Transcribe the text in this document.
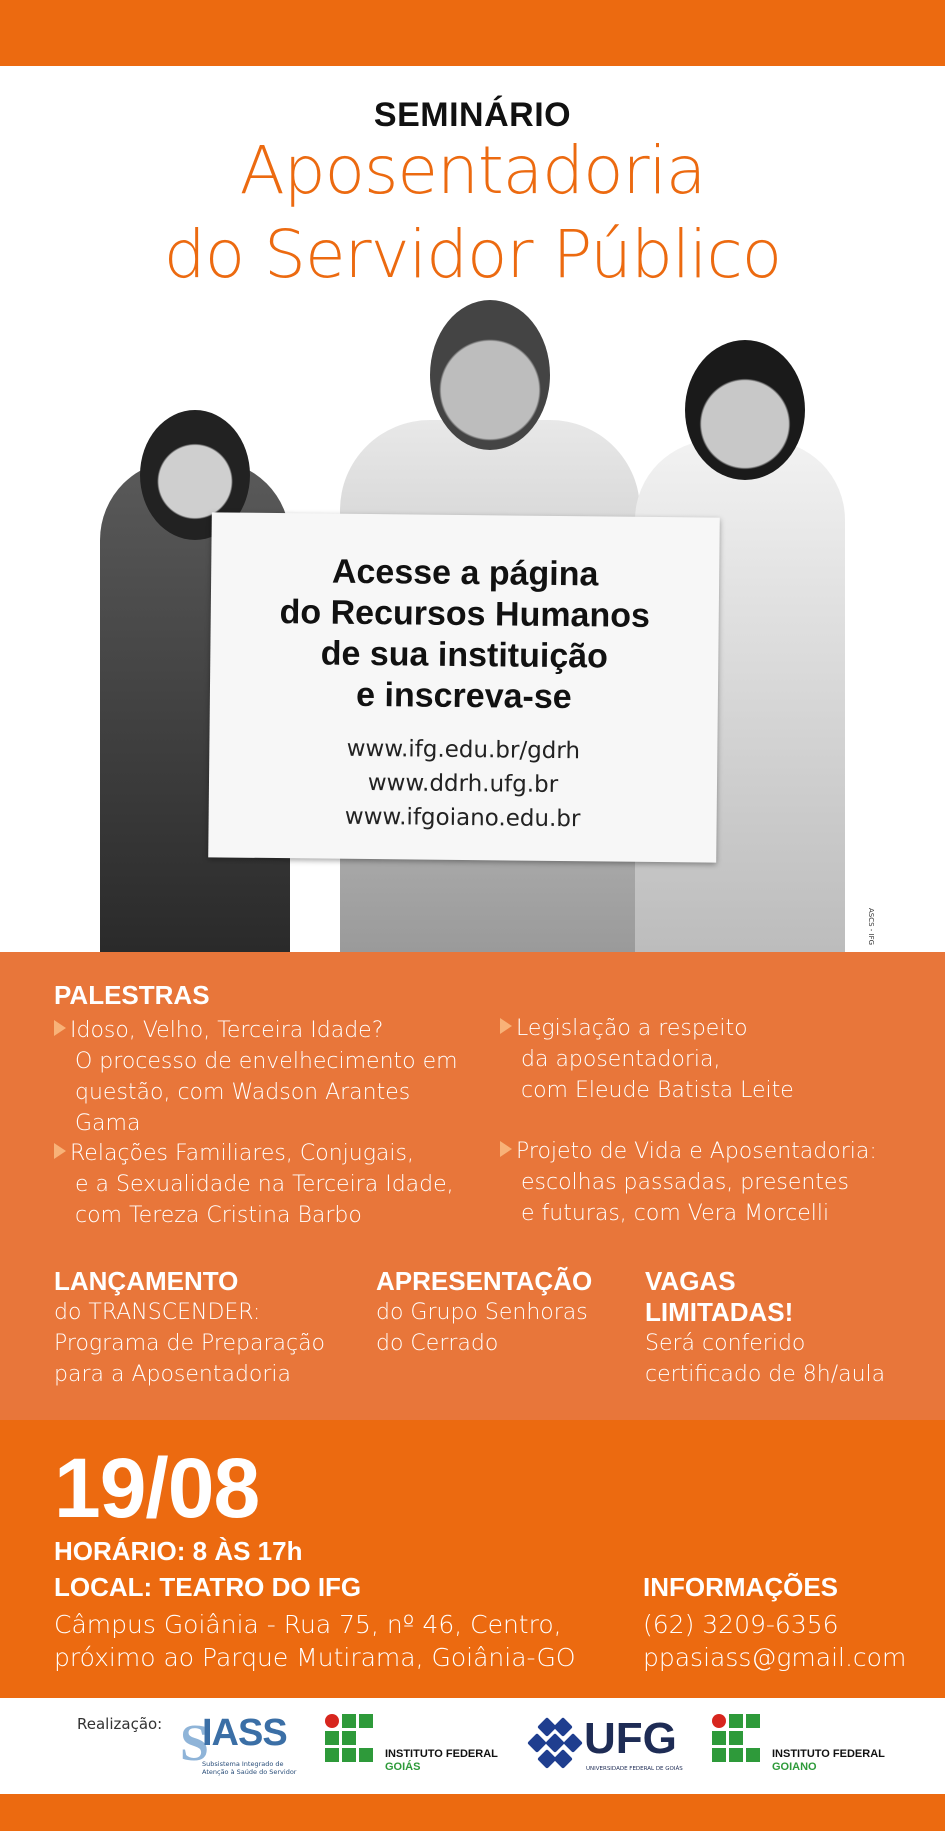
SEMINÁRIO
Aposentadoria
do Servidor Público
Acesse a página
do Recursos Humanos
de sua instituição
e inscreva-se
www.ifg.edu.br/gdrh
www.ddrh.ufg.br
www.ifgoiano.edu.br
ASCS - IFG
PALESTRAS
Idoso, Velho, Terceira Idade?
O processo de envelhecimento em
questão, com Wadson Arantes Gama
Legislação a respeito
da aposentadoria,
com Eleude Batista Leite
Relações Familiares, Conjugais,
e a Sexualidade na Terceira Idade,
com Tereza Cristina Barbo
Projeto de Vida e Aposentadoria:
escolhas passadas, presentes
e futuras, com Vera Morcelli
LANÇAMENTO
do TRANSCENDER:
Programa de Preparação
para a Aposentadoria
APRESENTAÇÃO
do Grupo Senhoras
do Cerrado
VAGAS
LIMITADAS!
Será conferido
certificado de 8h/aula
19/08
HORÁRIO: 8 ÀS 17h
LOCAL: TEATRO DO IFG
Câmpus Goiânia - Rua 75, nº 46, Centro,
próximo ao Parque Mutirama, Goiânia-GO
INFORMAÇÕES
(62) 3209-6356
ppasiass@gmail.com
Realização: S
IASS
Subsistema Integrado de Atenção à Saúde do Servidor
INSTITUTO FEDERAL
GOIÁS
UFG
UNIVERSIDADE FEDERAL DE GOIÁS
INSTITUTO FEDERAL
GOIANO
